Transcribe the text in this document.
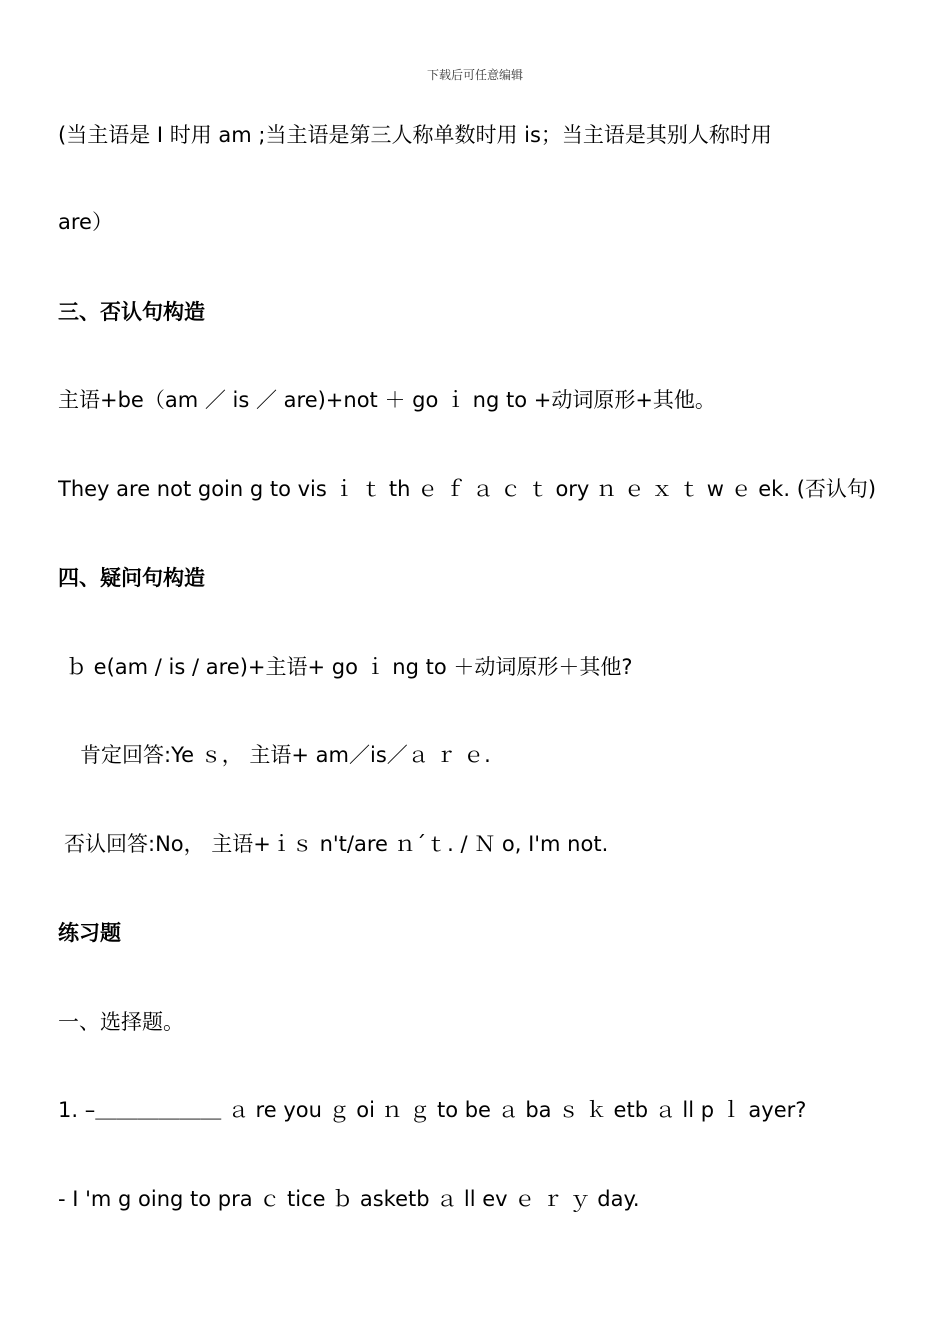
下载后可任意编辑
(当主语是 I 时用 am ;当主语是第三人称单数时用 is；当主语是其别人称时用
are）
三、否认句构造
主语+be（am ／ is ／ are)+not ＋ go ｉ ng to +动词原形+其他。
They are not goin g to vis ｉ ｔ th ｅ ｆ ａ ｃ ｔ ory ｎ ｅ ｘ ｔ w ｅ ek. (否认句)
四、疑问句构造
ｂ e(am / is / are)+主语+ go ｉ ng to ＋动词原形＋其他?
肯定回答:Ye ｓ， 主语+ am／is／ａ ｒ ｅ.
否认回答:No， 主语+ｉｓ n't/are ｎ´ｔ. / Ｎ o, I'm not.
练习题
一、选择题。
1. –＿＿＿＿＿＿ ａ re you ｇ oi ｎ ｇ to be ａ ba ｓ ｋ etb ａ ll p ｌ ayer?
- I 'm g oing to pra ｃ tice ｂ asketb ａ ll ev ｅ ｒ ｙ day.
